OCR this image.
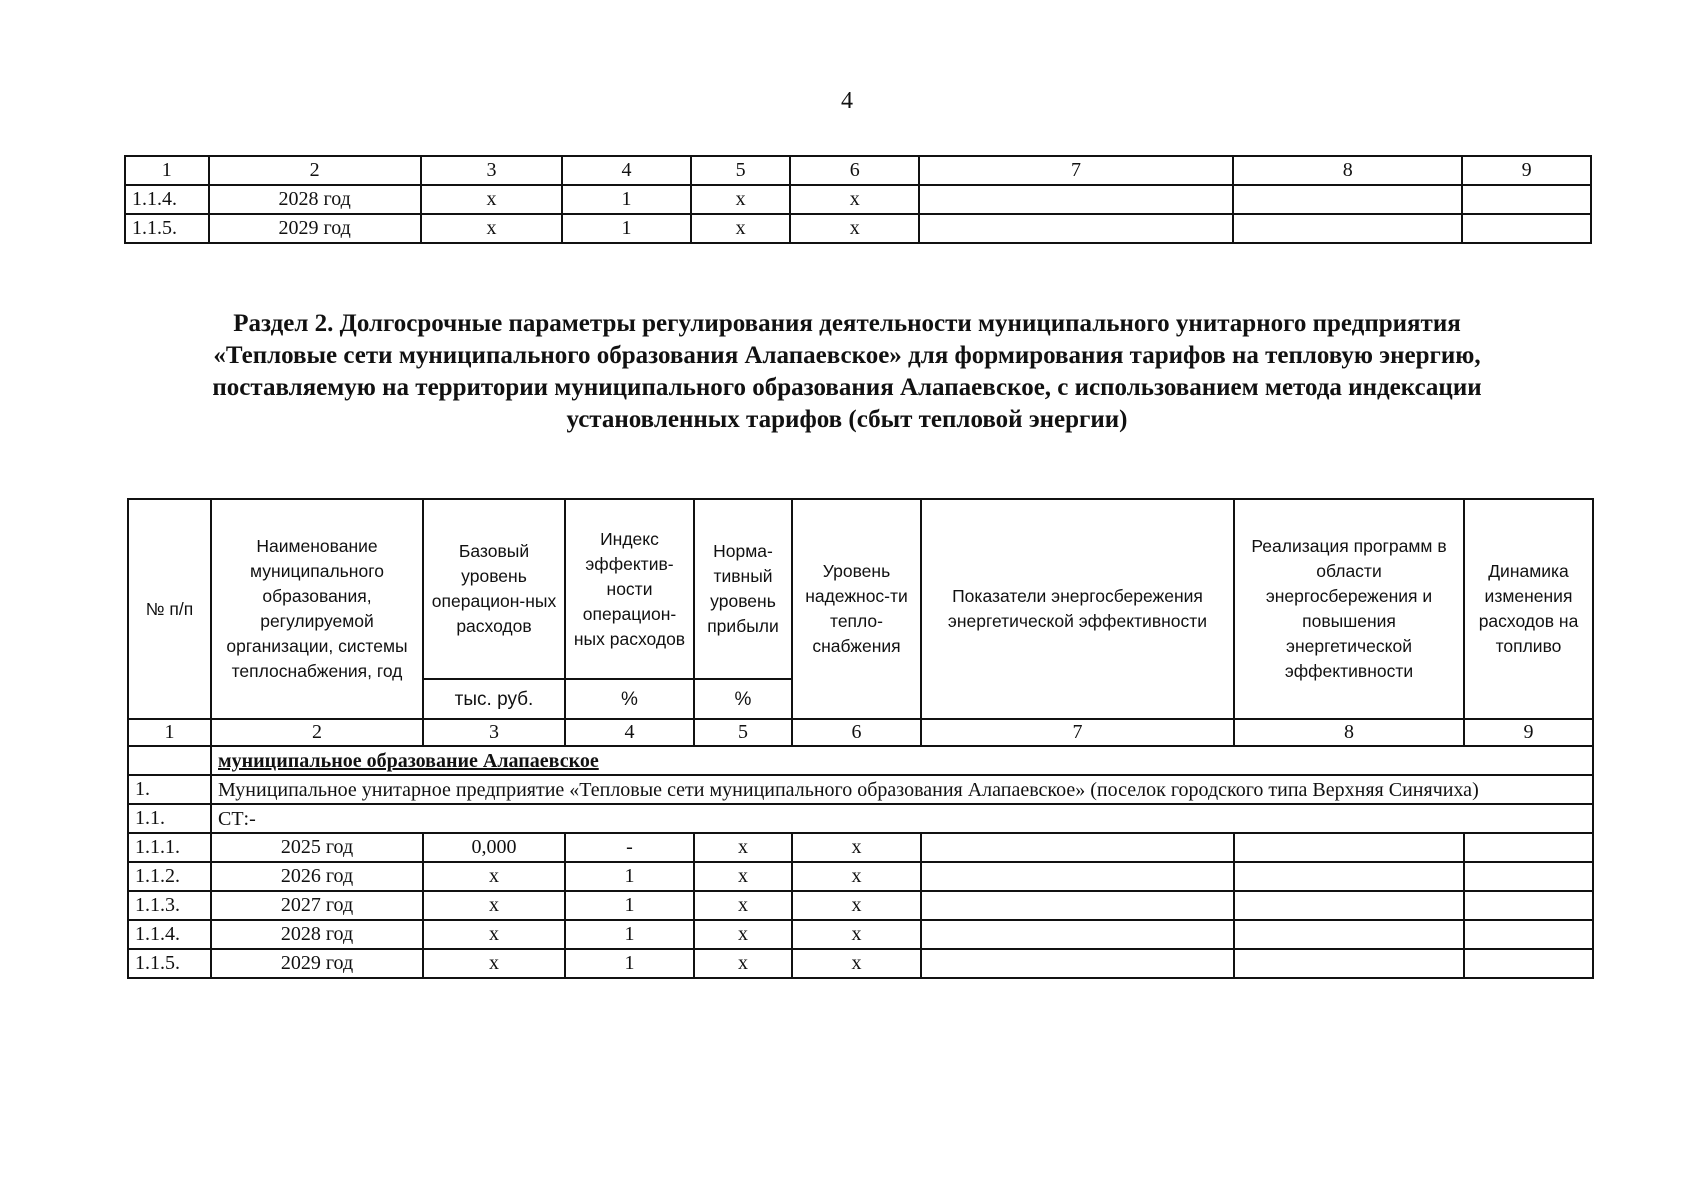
4
1	2	3	4	5	6	7	8	9
1.1.4.	2028 год	х	1	х	х			
1.1.5.	2029 год	х	1	х	х			
Раздел 2. Долгосрочные параметры регулирования деятельности муниципального унитарного предприятия
«Тепловые сети муниципального образования Алапаевское» для формирования тарифов на тепловую энергию,
поставляемую на территории муниципального образования Алапаевское, с использованием метода индексации
установленных тарифов (сбыт тепловой энергии)
№ п/п	Наименование муниципального образования, регулируемой организации, системы теплоснабжения, год	Базовый уровень операцион-ных расходов	Индекс эффектив-ности операцион-ных расходов	Норма-тивный уровень прибыли	Уровень надежнос-ти тепло-снабжения	Показатели энергосбережения энергетической эффективности	Реализация программ в области энергосбережения и повышения энергетической эффективности	Динамика изменения расходов на топливо
		тыс. руб.	%	%				
1	2	3	4	5	6	7	8	9
	муниципальное образование Алапаевское							
1.	Муниципальное унитарное предприятие «Тепловые сети муниципального образования Алапаевское» (поселок городского типа Верхняя Синячиха)							
1.1.	СТ:-							
1.1.1.	2025 год	0,000	-	х	х			
1.1.2.	2026 год	х	1	х	х			
1.1.3.	2027 год	х	1	х	х			
1.1.4.	2028 год	х	1	х	х			
1.1.5.	2029 год	х	1	х	х			
